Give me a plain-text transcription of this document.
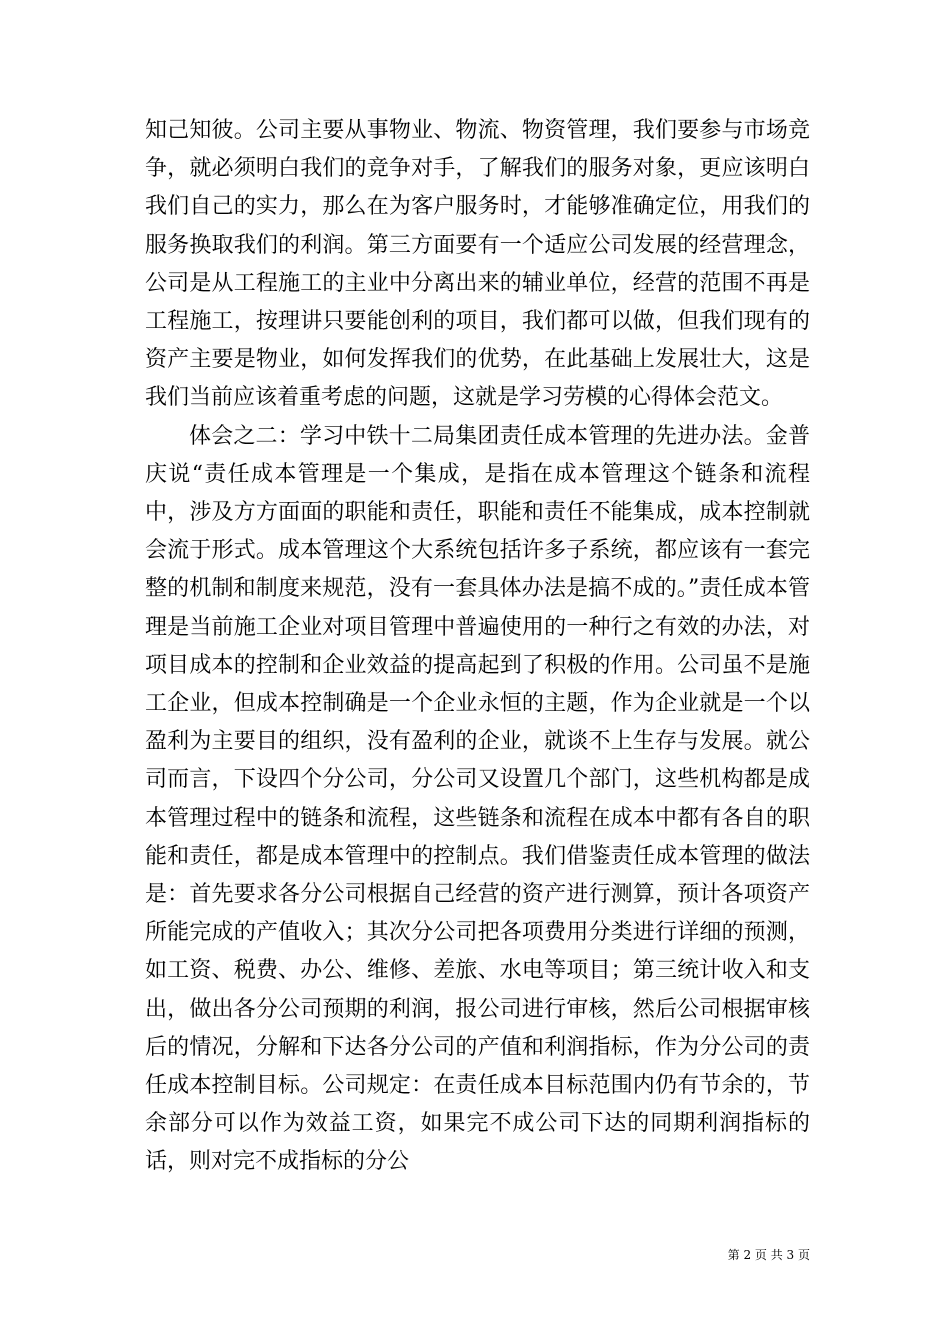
知己知彼。公司主要从事物业、物流、物资管理，我们要参与市场竞争，就必须明白我们的竞争对手，了解我们的服务对象，更应该明白我们自己的实力，那么在为客户服务时，才能够准确定位，用我们的服务换取我们的利润。第三方面要有一个适应公司发展的经营理念，公司是从工程施工的主业中分离出来的辅业单位，经营的范围不再是工程施工，按理讲只要能创利的项目，我们都可以做，但我们现有的资产主要是物业，如何发挥我们的优势，在此基础上发展壮大，这是我们当前应该着重考虑的问题，这就是学习劳模的心得体会范文。

体会之二：学习中铁十二局集团责任成本管理的先进办法。金普庆说“责任成本管理是一个集成，是指在成本管理这个链条和流程中，涉及方方面面的职能和责任，职能和责任不能集成，成本控制就会流于形式。成本管理这个大系统包括许多子系统，都应该有一套完整的机制和制度来规范，没有一套具体办法是搞不成的。”责任成本管理是当前施工企业对项目管理中普遍使用的一种行之有效的办法，对项目成本的控制和企业效益的提高起到了积极的作用。公司虽不是施工企业，但成本控制确是一个企业永恒的主题，作为企业就是一个以盈利为主要目的组织，没有盈利的企业，就谈不上生存与发展。就公司而言，下设四个分公司，分公司又设置几个部门，这些机构都是成本管理过程中的链条和流程，这些链条和流程在成本中都有各自的职能和责任，都是成本管理中的控制点。我们借鉴责任成本管理的做法是：首先要求各分公司根据自己经营的资产进行测算，预计各项资产所能完成的产值收入；其次分公司把各项费用分类进行详细的预测，如工资、税费、办公、维修、差旅、水电等项目；第三统计收入和支出，做出各分公司预期的利润，报公司进行审核，然后公司根据审核后的情况，分解和下达各分公司的产值和利润指标，作为分公司的责任成本控制目标。公司规定：在责任成本目标范围内仍有节余的，节余部分可以作为效益工资，如果完不成公司下达的同期利润指标的话，则对完不成指标的分公

第 2 页 共 3 页
